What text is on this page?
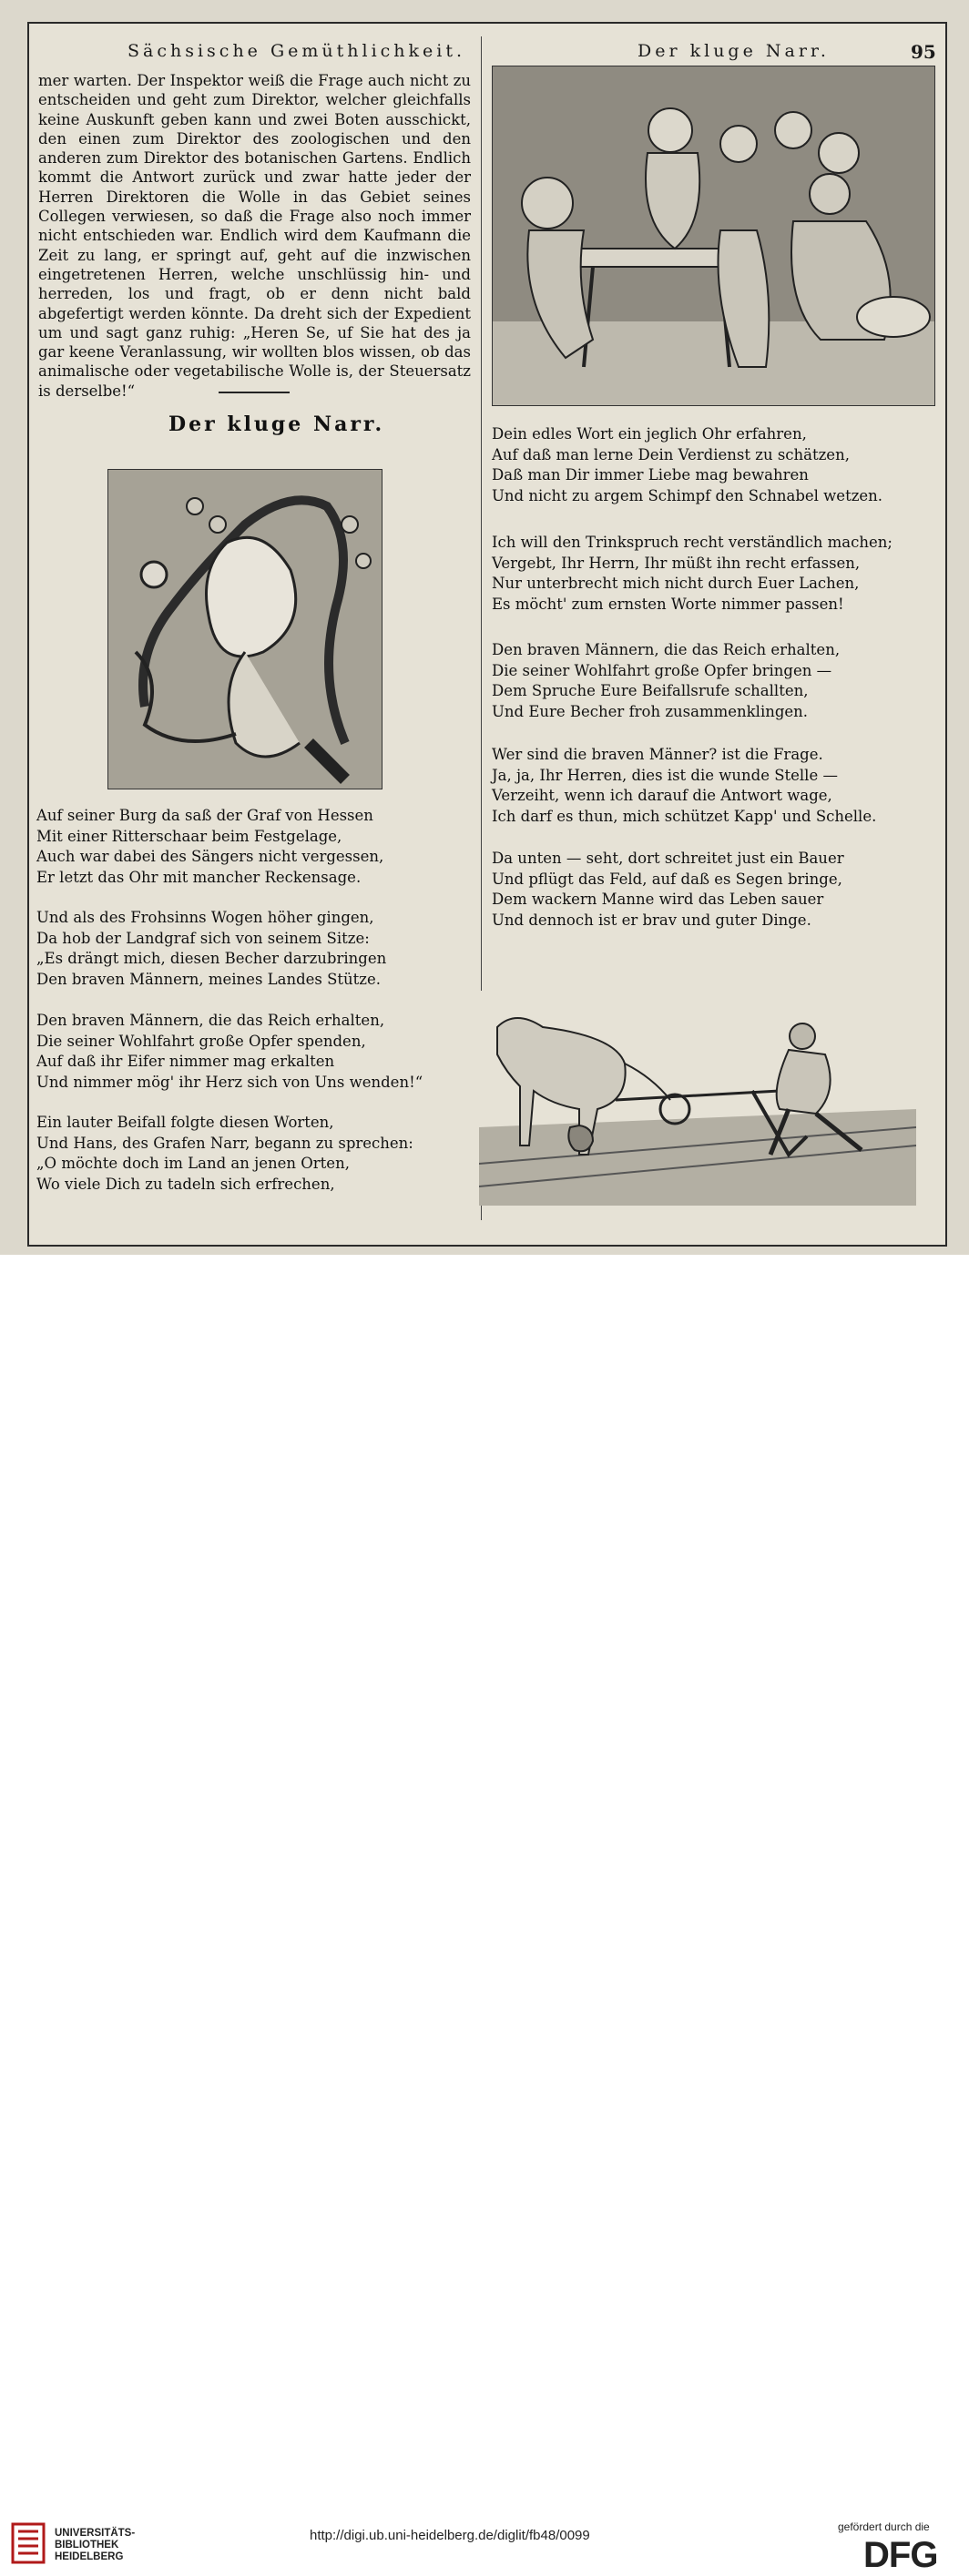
Sächsische Gemüthlichkeit.	Der kluge Narr.	95

mer warten. Der Inspektor weiß die Frage auch nicht zu entscheiden und geht zum Direktor, welcher gleichfalls keine Auskunft geben kann und zwei Boten ausschickt, den einen zum Direktor des zoologischen und den anderen zum Direktor des botanischen Gartens. Endlich kommt die Antwort zurück und zwar hatte jeder der Herren Direktoren die Wolle in das Gebiet seines Collegen verwiesen, so daß die Frage also noch immer nicht entschieden war. Endlich wird dem Kaufmann die Zeit zu lang, er springt auf, geht auf die inzwischen eingetretenen Herren, welche unschlüssig hin- und herreden, los und fragt, ob er denn nicht bald abgefertigt werden könnte. Da dreht sich der Expedient um und sagt ganz ruhig: „Heren Se, uf Sie hat des ja gar keene Veranlassung, wir wollten blos wissen, ob das animalische oder vegetabilische Wolle is, der Steuersatz is derselbe!“

Der kluge Narr.
Auf seiner Burg da saß der Graf von Hessen
Mit einer Ritterschaar beim Festgelage,
Auch war dabei des Sängers nicht vergessen,
Er letzt das Ohr mit mancher Reckensage.
Und als des Frohsinns Wogen höher gingen,
Da hob der Landgraf sich von seinem Sitze:
„Es drängt mich, diesen Becher darzubringen
Den braven Männern, meines Landes Stütze.
Den braven Männern, die das Reich erhalten,
Die seiner Wohlfahrt große Opfer spenden,
Auf daß ihr Eifer nimmer mag erkalten
Und nimmer mög' ihr Herz sich von Uns wenden!“
Ein lauter Beifall folgte diesen Worten,
Und Hans, des Grafen Narr, begann zu sprechen:
„O möchte doch im Land an jenen Orten,
Wo viele Dich zu tadeln sich erfrechen,
Dein edles Wort ein jeglich Ohr erfahren,
Auf daß man lerne Dein Verdienst zu schätzen,
Daß man Dir immer Liebe mag bewahren
Und nicht zu argem Schimpf den Schnabel wetzen.
Ich will den Trinkspruch recht verständlich machen;
Vergebt, Ihr Herrn, Ihr müßt ihn recht erfassen,
Nur unterbrecht mich nicht durch Euer Lachen,
Es möcht' zum ernsten Worte nimmer passen!
Den braven Männern, die das Reich erhalten,
Die seiner Wohlfahrt große Opfer bringen —
Dem Spruche Eure Beifallsrufe schallten,
Und Eure Becher froh zusammenklingen.
Wer sind die braven Männer? ist die Frage.
Ja, ja, Ihr Herren, dies ist die wunde Stelle —
Verzeiht, wenn ich darauf die Antwort wage,
Ich darf es thun, mich schützet Kapp' und Schelle.
Da unten — seht, dort schreitet just ein Bauer
Und pflügt das Feld, auf daß es Segen bringe,
Dem wackern Manne wird das Leben sauer
Und dennoch ist er brav und guter Dinge.
UNIVERSITÄTS-
BIBLIOTHEK
HEIDELBERG
http://digi.ub.uni-heidelberg.de/diglit/fb48/0099
gefördert durch die
DFG
